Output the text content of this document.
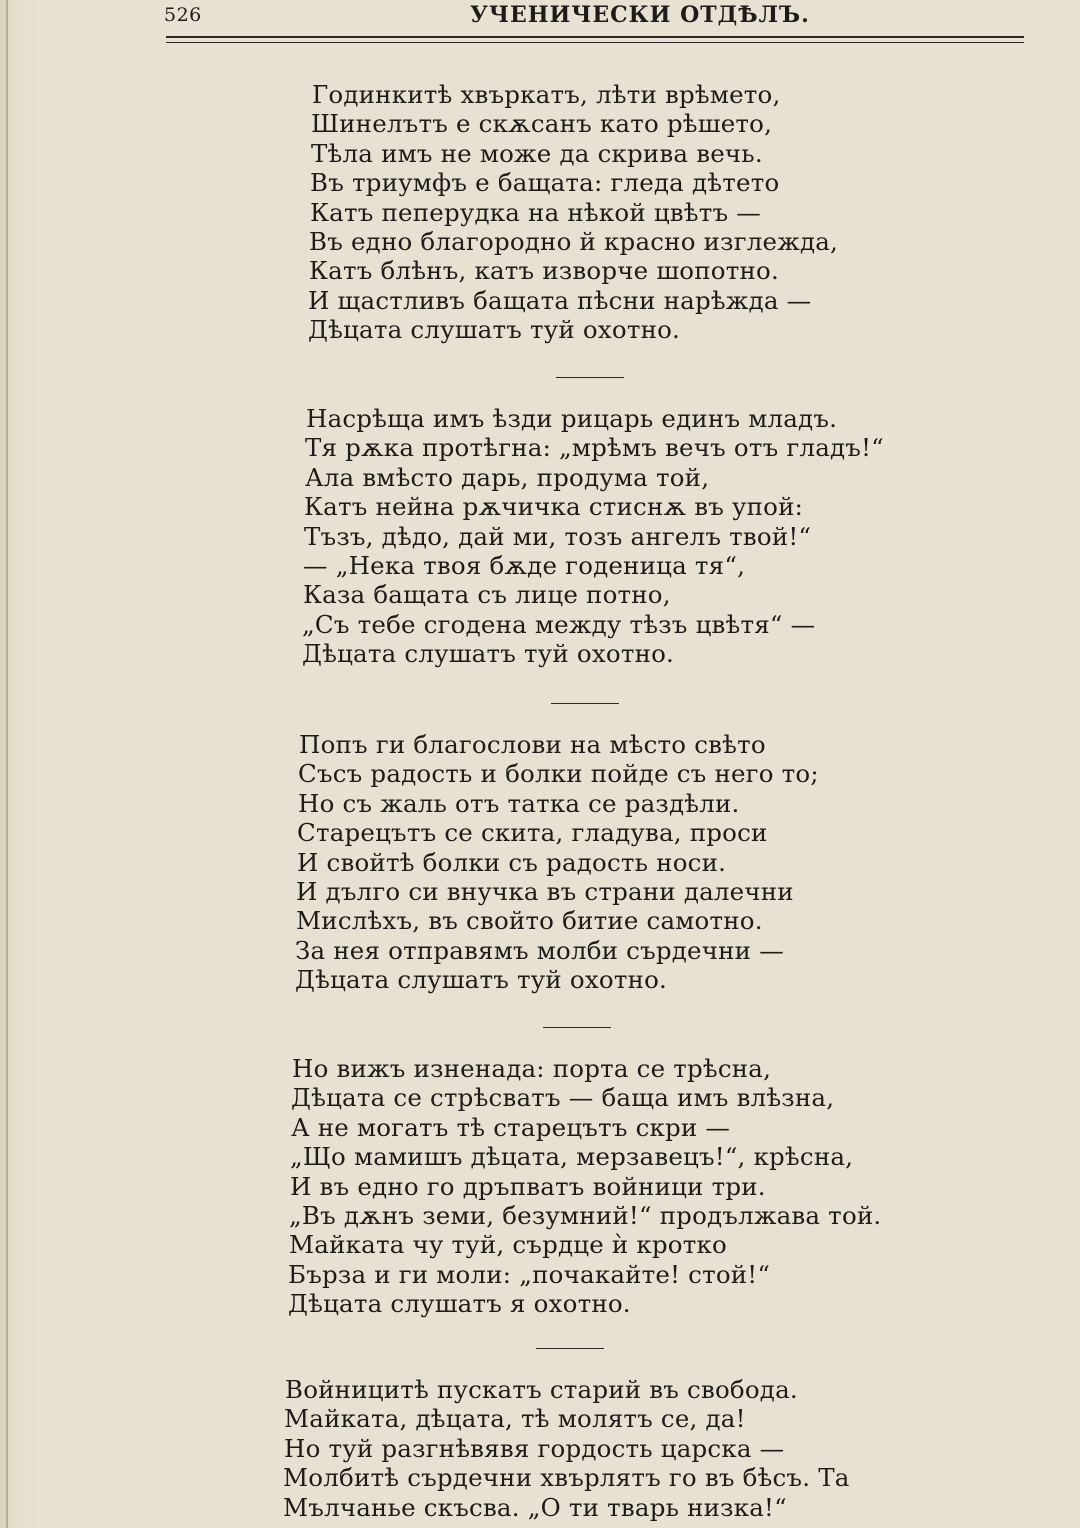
526	УЧЕНИЧЕСКИ ОТДѢЛЪ.
Годинкитѣ хвъркатъ, лѣти врѣмето,
Шинелътъ е скѫсанъ като рѣшето,
Тѣла имъ не може да скрива вечь.
Въ триумфъ е бащата: гледа дѣтето
Катъ пеперудка на нѣкой цвѣтъ —
Въ едно благородно й красно изглежда,
Катъ блѣнъ, катъ изворче шопотно.
И щастливъ бащата пѣсни нарѣжда —
Дѣцата слушатъ туй охотно.
Насрѣща имъ ѣзди рицарь единъ младъ.
Тя рѫка протѣгна: „мрѣмъ вечъ отъ гладъ!“
Ала вмѣсто дарь, продума той,
Катъ нейна рѫчичка стиснѫ въ упой:
Тъзъ, дѣдо, дай ми, тозъ ангелъ твой!“
— „Нека твоя бѫде годеница тя“,
Каза бащата съ лице потно,
„Съ тебе сгодена между тѣзъ цвѣтя“ —
Дѣцата слушатъ туй охотно.
Попъ ги благослови на мѣсто свѣто
Съсъ радость и болки пойде съ него то;
Но съ жаль отъ татка се раздѣли.
Старецътъ се скита, гладува, проси
И свойтѣ болки съ радость носи.
И дълго си внучка въ страни далечни
Мислѣхъ, въ свойто битие самотно.
За нея отправямъ молби сърдечни —
Дѣцата слушатъ туй охотно.
Но вижъ изненада: порта се трѣсна,
Дѣцата се стрѣсватъ — баща имъ влѣзна,
А не могатъ тѣ старецътъ скри —
„Що мамишъ дѣцата, мерзавецъ!“, крѣсна,
И въ едно го дръпватъ войници три.
„Въ дѫнъ земи, безумний!“ продължава той.
Майката чу туй, сърдце ѝ кротко
Бърза и ги моли: „почакайте! стой!“
Дѣцата слушатъ я охотно.
Войницитѣ пускатъ старий въ свобода.
Майката, дѣцата, тѣ молятъ се, да!
Но туй разгнѣвявя гордость царска —
Молбитѣ сърдечни хвърлятъ го въ бѣсъ. Та
Мълчанье скъсва. „О ти тварь низка!“
